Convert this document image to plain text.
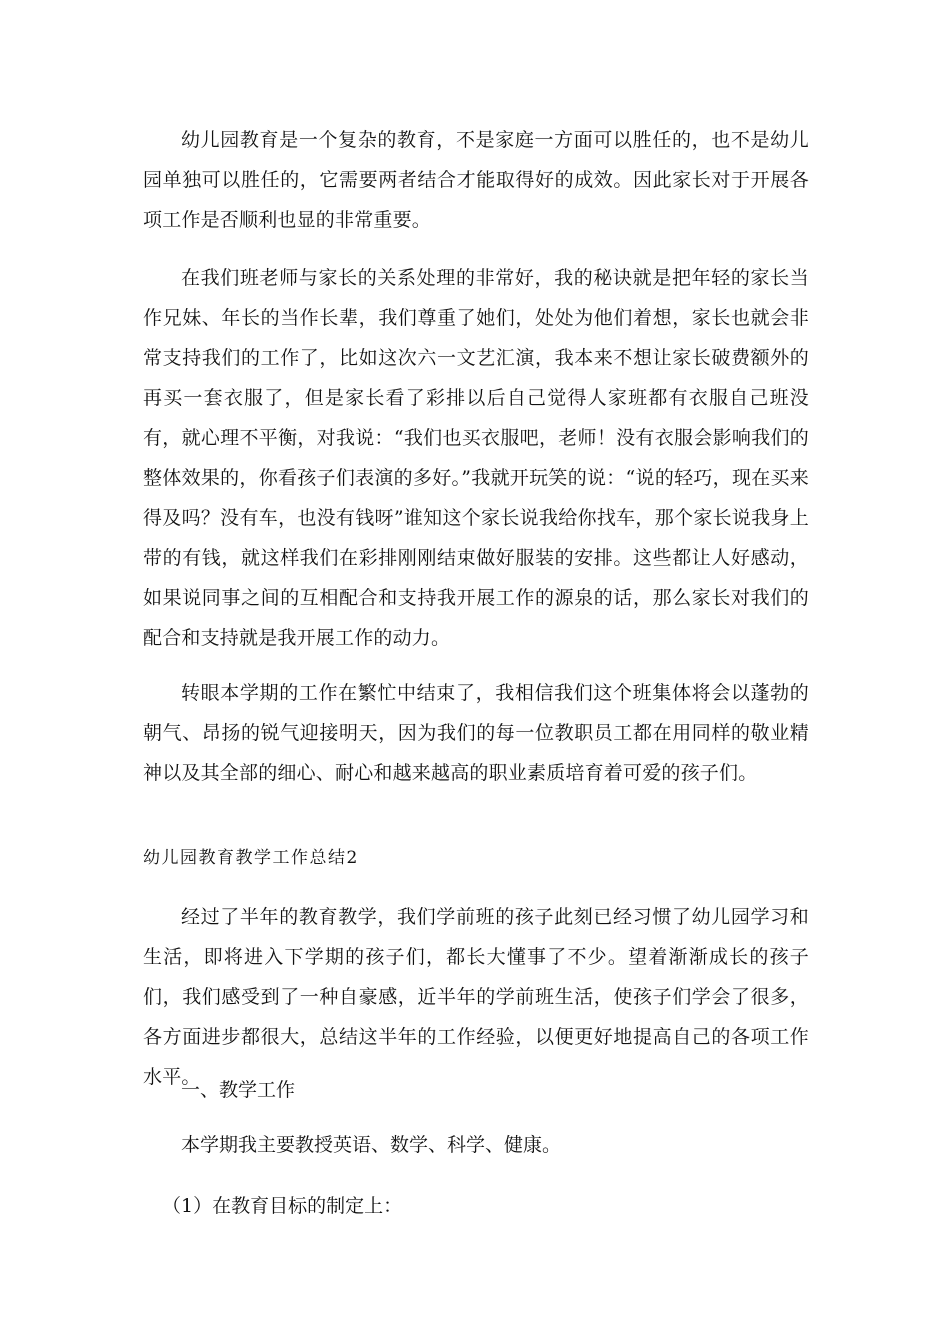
幼儿园教育是一个复杂的教育，不是家庭一方面可以胜任的，也不是幼儿园单独可以胜任的，它需要两者结合才能取得好的成效。因此家长对于开展各项工作是否顺利也显的非常重要。

在我们班老师与家长的关系处理的非常好，我的秘诀就是把年轻的家长当作兄妹、年长的当作长辈，我们尊重了她们，处处为他们着想，家长也就会非常支持我们的工作了，比如这次六一文艺汇演，我本来不想让家长破费额外的再买一套衣服了，但是家长看了彩排以后自己觉得人家班都有衣服自己班没有，就心理不平衡，对我说：“我们也买衣服吧，老师！没有衣服会影响我们的整体效果的，你看孩子们表演的多好。”我就开玩笑的说：“说的轻巧，现在买来得及吗？没有车，也没有钱呀”谁知这个家长说我给你找车，那个家长说我身上带的有钱，就这样我们在彩排刚刚结束做好服装的安排。这些都让人好感动，如果说同事之间的互相配合和支持我开展工作的源泉的话，那么家长对我们的配合和支持就是我开展工作的动力。

转眼本学期的工作在繁忙中结束了，我相信我们这个班集体将会以蓬勃的朝气、昂扬的锐气迎接明天，因为我们的每一位教职员工都在用同样的敬业精神以及其全部的细心、耐心和越来越高的职业素质培育着可爱的孩子们。

幼儿园教育教学工作总结2

经过了半年的教育教学，我们学前班的孩子此刻已经习惯了幼儿园学习和生活，即将进入下学期的孩子们，都长大懂事了不少。望着渐渐成长的孩子们，我们感受到了一种自豪感，近半年的学前班生活，使孩子们学会了很多，各方面进步都很大，总结这半年的工作经验，以便更好地提高自己的各项工作水平。

一、教学工作

本学期我主要教授英语、数学、科学、健康。

（1）在教育目标的制定上：
